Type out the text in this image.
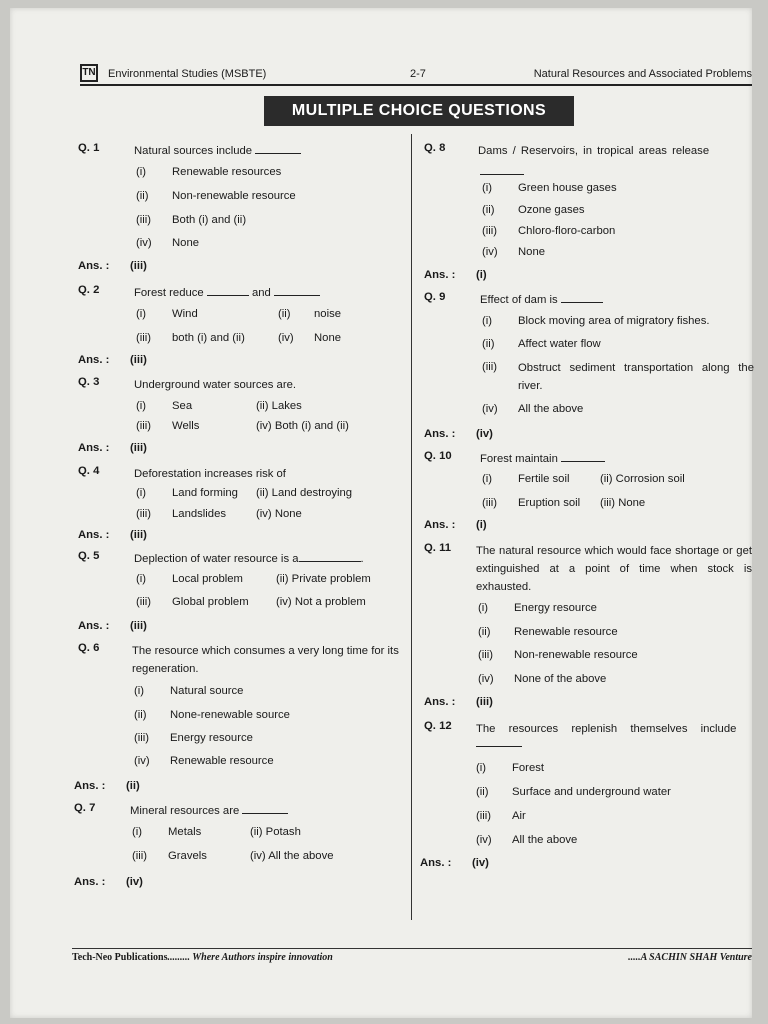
TN Environmental Studies (MSBTE)	2-7	Natural Resources and Associated Problems
MULTIPLE CHOICE QUESTIONS
Q. 1	Natural sources include
(i) Renewable resources
(ii) Non-renewable resource
(iii) Both (i) and (ii)
(iv) None
Ans. : (iii)
Q. 2	Forest reduce	and
(i) Wind	(ii) noise
(iii) both (i) and (ii)	(iv) None
Ans. : (iii)
Q. 3	Underground water sources are.
(i) Sea	(ii) Lakes
(iii) Wells	(iv) Both (i) and (ii)
Ans. : (iii)
Q. 4	Deforestation increases risk of
(i) Land forming (ii) Land destroying
(iii) Landslides	(iv) None
Ans. : (iii)
Q. 5	Deplection of water resource is a	.
(i) Local problem	(ii) Private problem
(iii) Global problem (iv) Not a problem
Ans. : (iii)
Q. 6	The resource which consumes a very long time for its regeneration.
(i) Natural source
(ii) None-renewable source
(iii) Energy resource
(iv) Renewable resource
Ans. : (ii)
Q. 7	Mineral resources are
(i) Metals	(ii) Potash
(iii) Gravels	(iv) All the above
Ans. : (iv)
Q. 8	Dams / Reservoirs, in tropical areas release
(i) Green house gases
(ii) Ozone gases
(iii) Chloro-floro-carbon
(iv) None
Ans. : (i)
Q. 9	Effect of dam is
(i) Block moving area of migratory fishes.
(ii) Affect water flow
(iii)	Obstruct sediment transportation along the river.
(iv) All the above
Ans. : (iv)
Q. 10	Forest maintain
(i) Fertile soil	(ii) Corrosion soil
(iii) Eruption soil (iii) None
Ans. : (i)
Q. 11 The natural resource which would face shortage or get extinguished at a point of time when stock is exhausted.
(i) Energy resource
(ii) Renewable resource
(iii) Non-renewable resource
(iv) None of the above
Ans. : (iii)
Q. 12 The resources replenish themselves include
(i) Forest
(ii) Surface and underground water
(iii) Air
(iv) All the above
Ans. : (iv)
Tech-Neo Publications......... Where Authors inspire innovation	.....A SACHIN SHAH Venture
